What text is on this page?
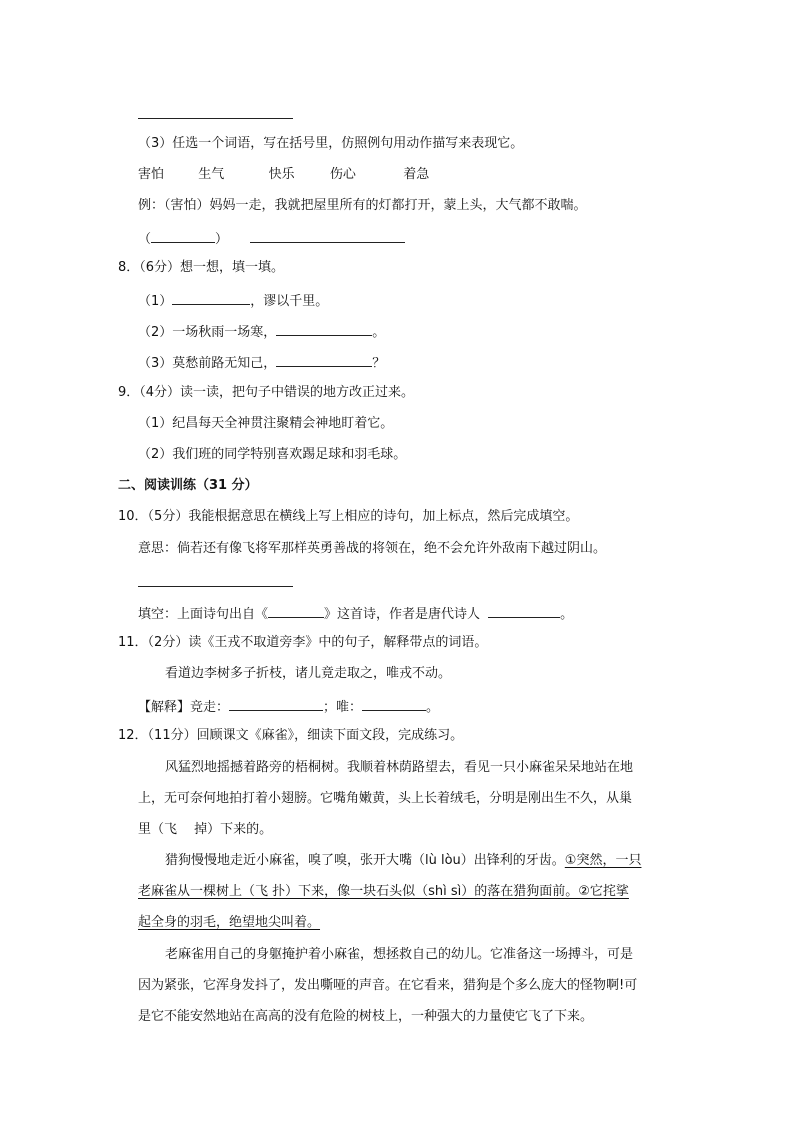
（3）任选一个词语，写在括号里，仿照例句用动作描写来表现它。
害怕	生气	快乐	伤心	着急
例：（害怕）妈妈一走，我就把屋里所有的灯都打开，蒙上头，大气都不敢喘。
（	）
8．（6分）想一想，填一填。
（1）	，谬以千里。
（2）一场秋雨一场寒，	。
（3）莫愁前路无知己，	？
9．（4分）读一读，把句子中错误的地方改正过来。
（1）纪昌每天全神贯注聚精会神地盯着它。
（2）我们班的同学特别喜欢踢足球和羽毛球。
二、阅读训练（31 分）
10．（5分）我能根据意思在横线上写上相应的诗句，加上标点，然后完成填空。
意思：倘若还有像飞将军那样英勇善战的将领在，绝不会允许外敌南下越过阴山。
填空：上面诗句出自《	》这首诗，作者是唐代诗人	。
11．（2分）读《王戎不取道旁李》中的句子，解释带点的词语。
看道边李树多子折枝，诸儿竟走取之，唯戎不动。
【解释】竞走：	；唯：	。
12．（11分）回顾课文《麻雀》，细读下面文段，完成练习。
风猛烈地摇撼着路旁的梧桐树。我顺着林荫路望去，看见一只小麻雀呆呆地站在地
上，无可奈何地拍打着小翅膀。它嘴角嫩黄，头上长着绒毛，分明是刚出生不久，从巢
里（飞　 掉）下来的。
猎狗慢慢地走近小麻雀，嗅了嗅，张开大嘴（lù lòu）出锋利的牙齿。①突然，一只
老麻雀从一棵树上（飞 扑）下来，像一块石头似（shì sì）的落在猎狗面前。②它挓挲
起全身的羽毛，绝望地尖叫着。
老麻雀用自己的身躯掩护着小麻雀，想拯救自己的幼儿。它准备这一场搏斗，可是
因为紧张，它浑身发抖了，发出嘶哑的声音。在它看来，猎狗是个多么庞大的怪物啊!可
是它不能安然地站在高高的没有危险的树枝上，一种强大的力量使它飞了下来。
